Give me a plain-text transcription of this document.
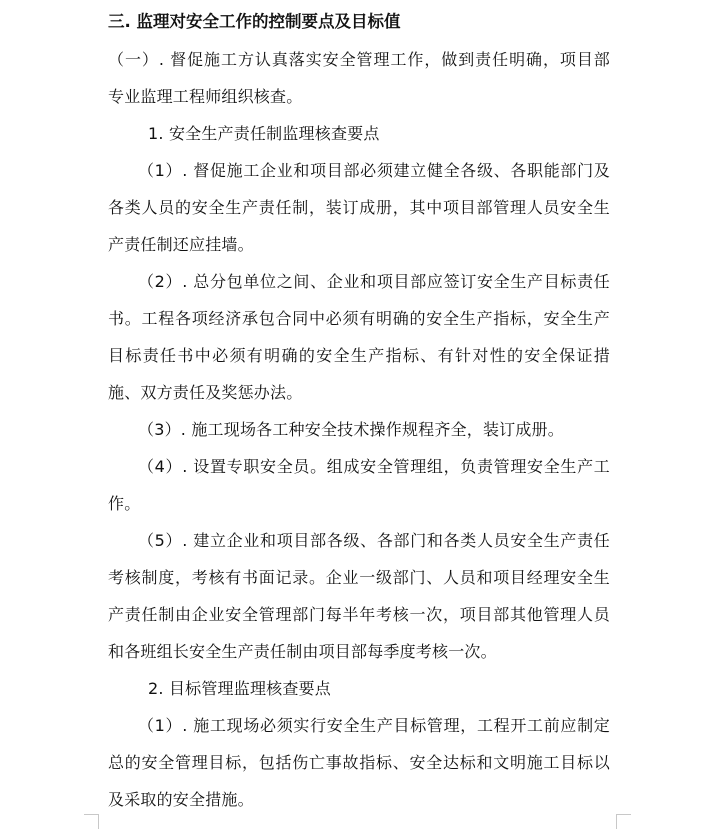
三. 监理对安全工作的控制要点及目标值
（一）. 督促施工方认真落实安全管理工作，做到责任明确，项目部
专业监理工程师组织核查。
1. 安全生产责任制监理核查要点
（1）. 督促施工企业和项目部必须建立健全各级、各职能部门及
各类人员的安全生产责任制，装订成册，其中项目部管理人员安全生
产责任制还应挂墙。
（2）. 总分包单位之间、企业和项目部应签订安全生产目标责任
书。工程各项经济承包合同中必须有明确的安全生产指标，安全生产
目标责任书中必须有明确的安全生产指标、有针对性的安全保证措
施、双方责任及奖惩办法。
（3）. 施工现场各工种安全技术操作规程齐全，装订成册。
（4）. 设置专职安全员。组成安全管理组，负责管理安全生产工
作。
（5）. 建立企业和项目部各级、各部门和各类人员安全生产责任
考核制度，考核有书面记录。企业一级部门、人员和项目经理安全生
产责任制由企业安全管理部门每半年考核一次，项目部其他管理人员
和各班组长安全生产责任制由项目部每季度考核一次。
2. 目标管理监理核查要点
（1）. 施工现场必须实行安全生产目标管理，工程开工前应制定
总的安全管理目标，包括伤亡事故指标、安全达标和文明施工目标以
及采取的安全措施。
